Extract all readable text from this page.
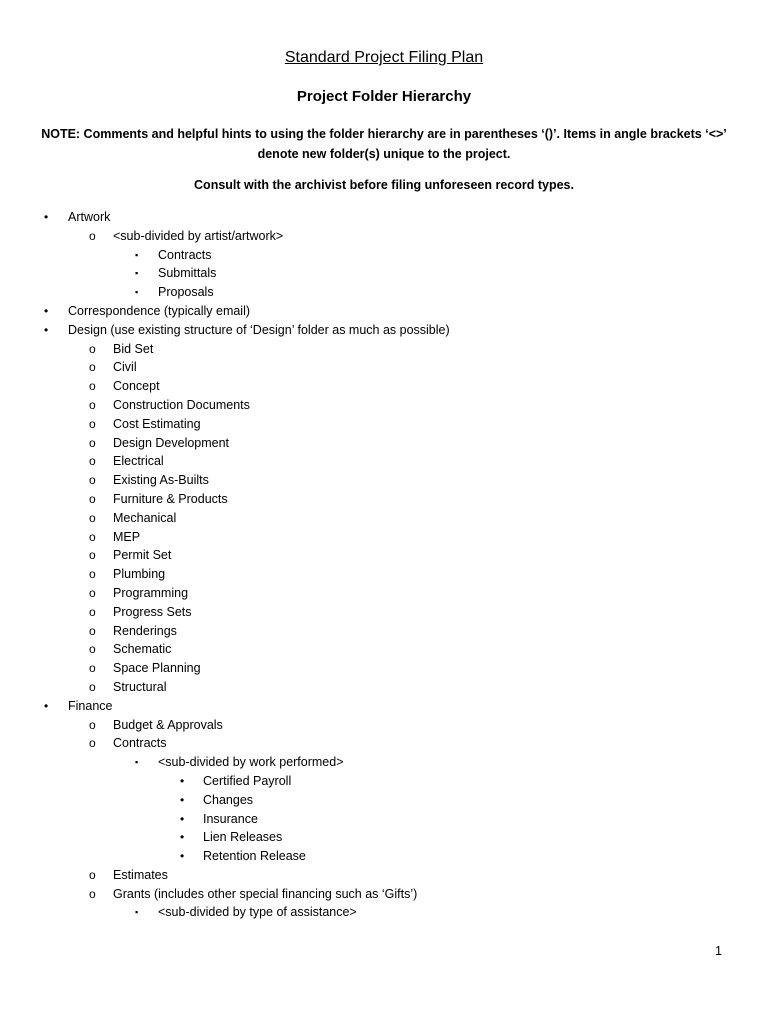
Standard Project Filing Plan
Project Folder Hierarchy
NOTE: Comments and helpful hints to using the folder hierarchy are in parentheses ‘()’. Items in angle brackets ‘<>’ denote new folder(s) unique to the project.
Consult with the archivist before filing unforeseen record types.
• Artwork
o <sub-divided by artist/artwork>
▪ Contracts
▪ Submittals
▪ Proposals
• Correspondence (typically email)
• Design (use existing structure of ‘Design’ folder as much as possible)
o Bid Set
o Civil
o Concept
o Construction Documents
o Cost Estimating
o Design Development
o Electrical
o Existing As-Builts
o Furniture & Products
o Mechanical
o MEP
o Permit Set
o Plumbing
o Programming
o Progress Sets
o Renderings
o Schematic
o Space Planning
o Structural
• Finance
o Budget & Approvals
o Contracts
▪ <sub-divided by work performed>
• Certified Payroll
• Changes
• Insurance
• Lien Releases
• Retention Release
o Estimates
o Grants (includes other special financing such as ‘Gifts’)
▪ <sub-divided by type of assistance>
1
